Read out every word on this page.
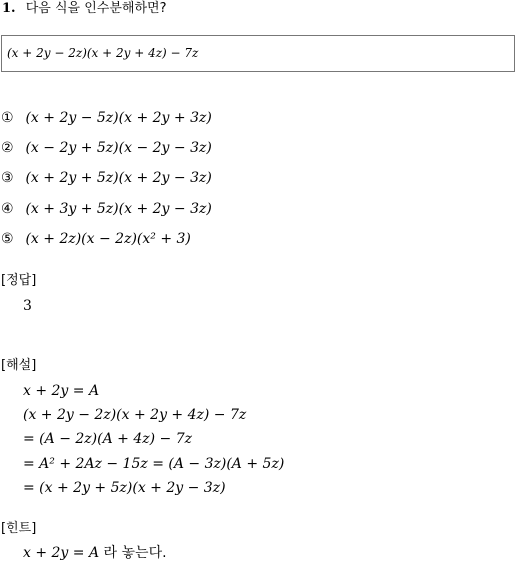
1. 다음 식을 인수분해하면?
(x + 2y − 2z)(x + 2y + 4z) − 7z
① (x + 2y − 5z)(x + 2y + 3z)
② (x − 2y + 5z)(x − 2y − 3z)
③ (x + 2y + 5z)(x + 2y − 3z)
④ (x + 3y + 5z)(x + 2y − 3z)
⑤ (x + 2z)(x − 2z)(x² + 3)
[정답]
3
[해설]
x + 2y = A
(x + 2y − 2z)(x + 2y + 4z) − 7z
= (A − 2z)(A + 4z) − 7z
= A² + 2Az − 15z = (A − 3z)(A + 5z)
= (x + 2y + 5z)(x + 2y − 3z)
[힌트]
x + 2y = A 라 놓는다.
